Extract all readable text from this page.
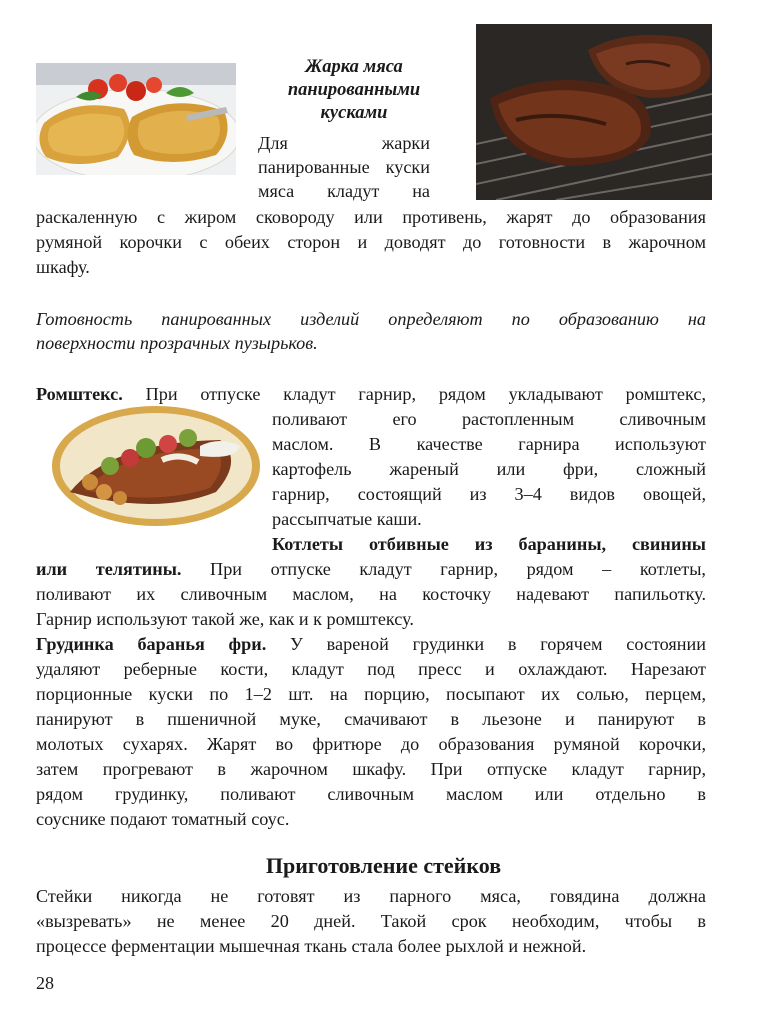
Жарка мяса
панированными
кусками
Для жарки
панированные куски
мяса кладут на
раскаленную с жиром сковороду или противень, жарят до образования
румяной корочки с обеих сторон и доводят до готовности в жарочном
шкафу.
Готовность панированных изделий определяют по образованию на
поверхности прозрачных пузырьков.
Ромштекс. При отпуске кладут гарнир, рядом укладывают ромштекс,
поливают его растопленным сливочным
маслом. В качестве гарнира используют
картофель жареный или фри, сложный
гарнир, состоящий из 3–4 видов овощей,
рассыпчатые каши.
Котлеты отбивные из баранины, свинины
или телятины. При отпуске кладут гарнир, рядом – котлеты,
поливают их сливочным маслом, на косточку надевают папильотку.
Гарнир используют такой же, как и к ромштексу.
Грудинка баранья фри. У вареной грудинки в горячем состоянии
удаляют реберные кости, кладут под пресс и охлаждают. Нарезают
порционные куски по 1–2 шт. на порцию, посыпают их солью, перцем,
панируют в пшеничной муке, смачивают в льезоне и панируют в
молотых сухарях. Жарят во фритюре до образования румяной корочки,
затем прогревают в жарочном шкафу. При отпуске кладут гарнир,
рядом грудинку, поливают сливочным маслом или отдельно в
соуснике подают томатный соус.
Приготовление стейков
Стейки никогда не готовят из парного мяса, говядина должна
«вызревать» не менее 20 дней. Такой срок необходим, чтобы в
процессе ферментации мышечная ткань стала более рыхлой и нежной.
28
